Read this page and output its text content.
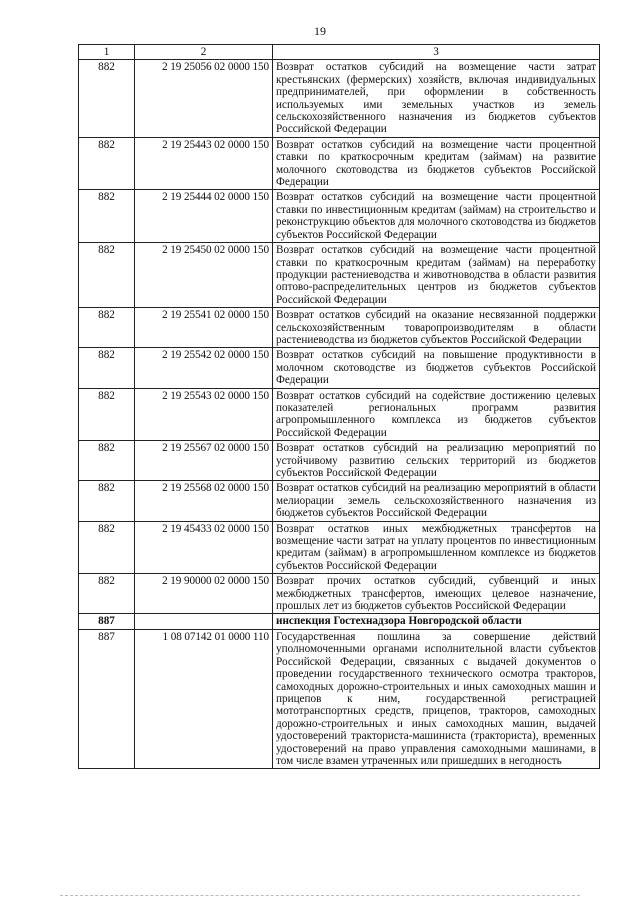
19
1	2	3
882	2 19 25056 02 0000 150	Возврат остатков субсидий на возмещение части затрат крестьянских (фермерских) хозяйств, включая индивидуальных предпринимателей, при оформлении в собственность используемых ими земельных участков из земель сельскохозяйственного назначения из бюджетов субъектов Российской Федерации
882	2 19 25443 02 0000 150	Возврат остатков субсидий на возмещение части процентной ставки по краткосрочным кредитам (займам) на развитие молочного скотоводства из бюджетов субъектов Российской Федерации
882	2 19 25444 02 0000 150	Возврат остатков субсидий на возмещение части процентной ставки по инвестиционным кредитам (займам) на строительство и реконструкцию объектов для молочного скотоводства из бюджетов субъектов Российской Федерации
882	2 19 25450 02 0000 150	Возврат остатков субсидий на возмещение части процентной ставки по краткосрочным кредитам (займам) на переработку продукции растениеводства и животноводства в области развития оптово-распределительных центров из бюджетов субъектов Российской Федерации
882	2 19 25541 02 0000 150	Возврат остатков субсидий на оказание несвязанной поддержки сельскохозяйственным товаропроизводителям в области растениеводства из бюджетов субъектов Российской Федерации
882	2 19 25542 02 0000 150	Возврат остатков субсидий на повышение продуктивности в молочном скотоводстве из бюджетов субъектов Российской Федерации
882	2 19 25543 02 0000 150	Возврат остатков субсидий на содействие достижению целевых показателей региональных программ развития агропромышленного комплекса из бюджетов субъектов Российской Федерации
882	2 19 25567 02 0000 150	Возврат остатков субсидий на реализацию мероприятий по устойчивому развитию сельских территорий из бюджетов субъектов Российской Федерации
882	2 19 25568 02 0000 150	Возврат остатков субсидий на реализацию мероприятий в области мелиорации земель сельскохозяйственного назначения из бюджетов субъектов Российской Федерации
882	2 19 45433 02 0000 150	Возврат остатков иных межбюджетных трансфертов на возмещение части затрат на уплату процентов по инвестиционным кредитам (займам) в агропромышленном комплексе из бюджетов субъектов Российской Федерации
882	2 19 90000 02 0000 150	Возврат прочих остатков субсидий, субвенций и иных межбюджетных трансфертов, имеющих целевое назначение, прошлых лет из бюджетов субъектов Российской Федерации
887		инспекция Гостехнадзора Новгородской области
887	1 08 07142 01 0000 110	Государственная пошлина за совершение действий уполномоченными органами исполнительной власти субъектов Российской Федерации, связанных с выдачей документов о проведении государственного технического осмотра тракторов, самоходных дорожно-строительных и иных самоходных машин и прицепов к ним, государственной регистрацией мототранспортных средств, прицепов, тракторов, самоходных дорожно-строительных и иных самоходных машин, выдачей удостоверений тракториста-машиниста (тракториста), временных удостоверений на право управления самоходными машинами, в том числе взамен утраченных или пришедших в негодность
